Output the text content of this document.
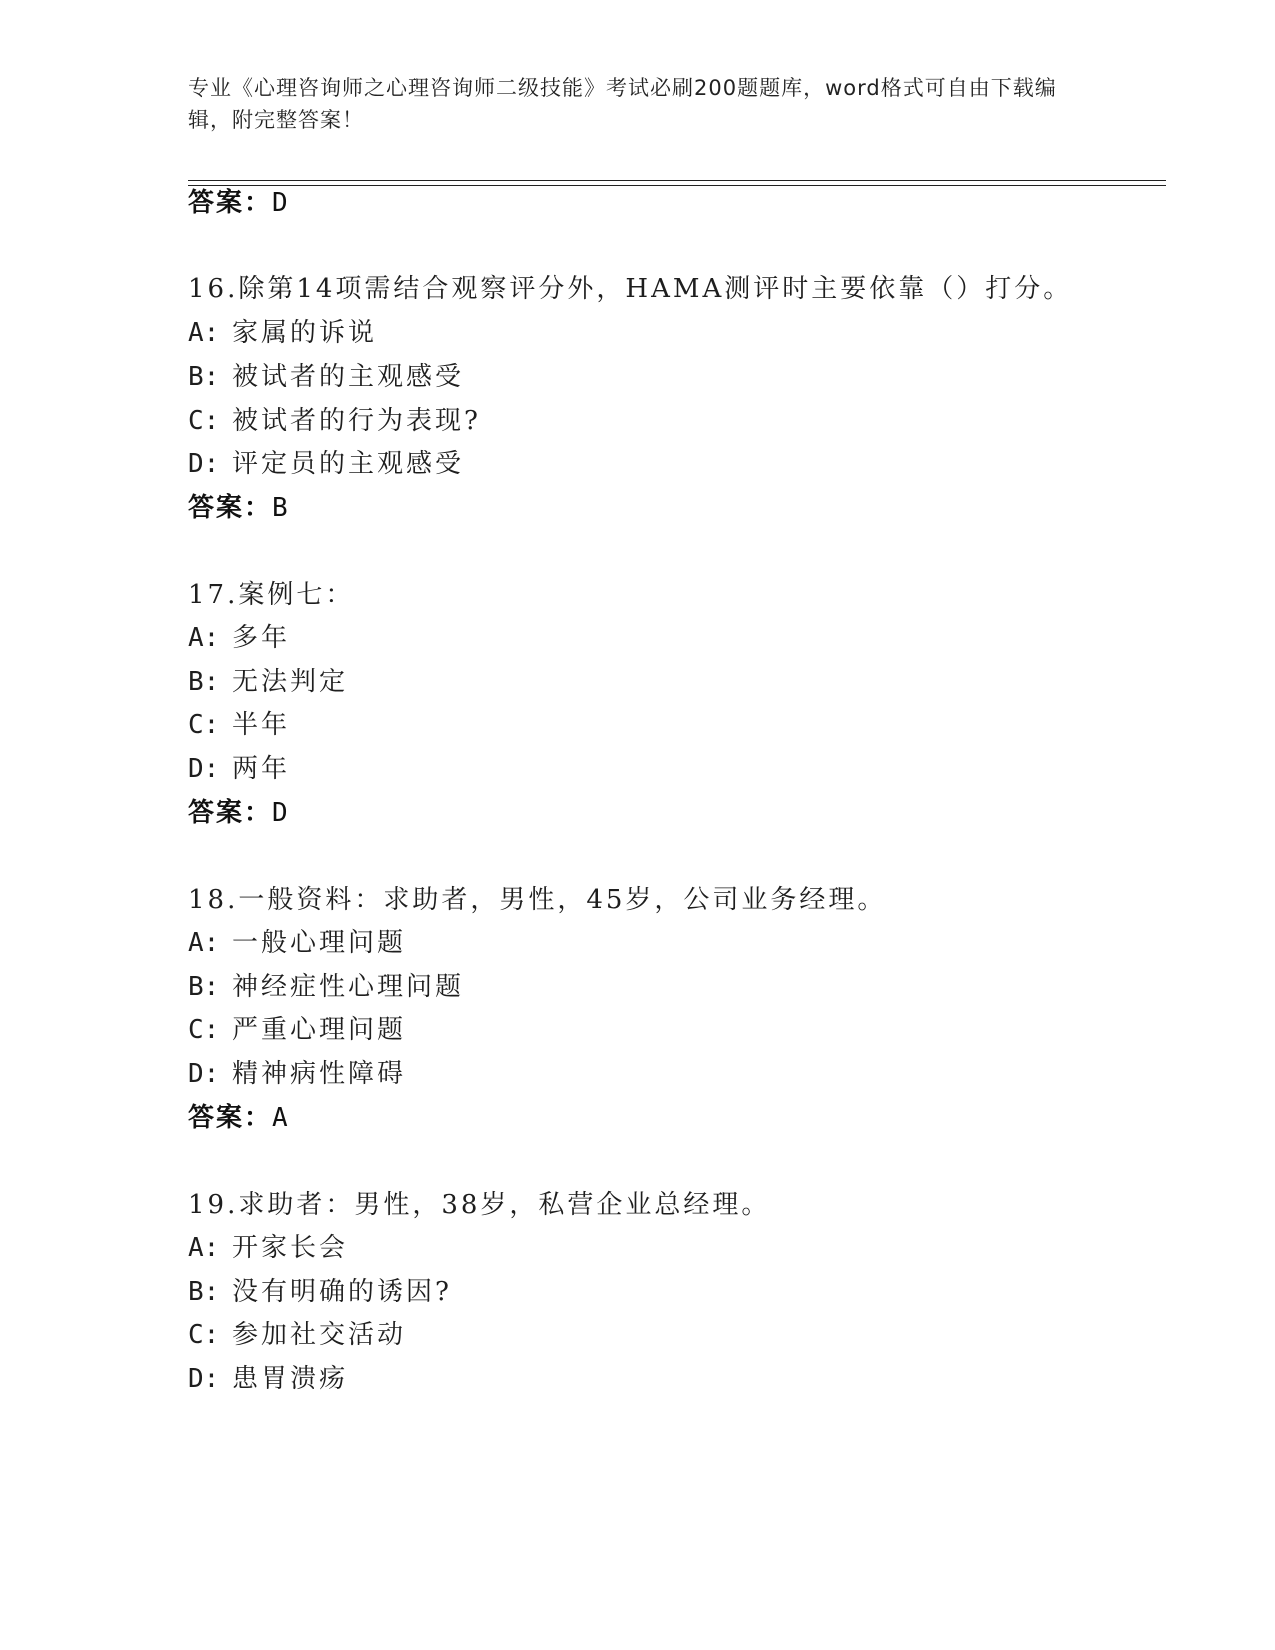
专业《心理咨询师之心理咨询师二级技能》考试必刷200题题库，word格式可自由下载编辑，附完整答案！
答案：D
16.除第14项需结合观察评分外，HAMA测评时主要依靠（）打分。
A: 家属的诉说
B: 被试者的主观感受
C: 被试者的行为表现?
D: 评定员的主观感受
答案：B
17.案例七：
A: 多年
B: 无法判定
C: 半年
D: 两年
答案：D
18.一般资料：求助者，男性，45岁，公司业务经理。
A: 一般心理问题
B: 神经症性心理问题
C: 严重心理问题
D: 精神病性障碍
答案：A
19.求助者：男性，38岁，私营企业总经理。
A: 开家长会
B: 没有明确的诱因?
C: 参加社交活动
D: 患胃溃疡
